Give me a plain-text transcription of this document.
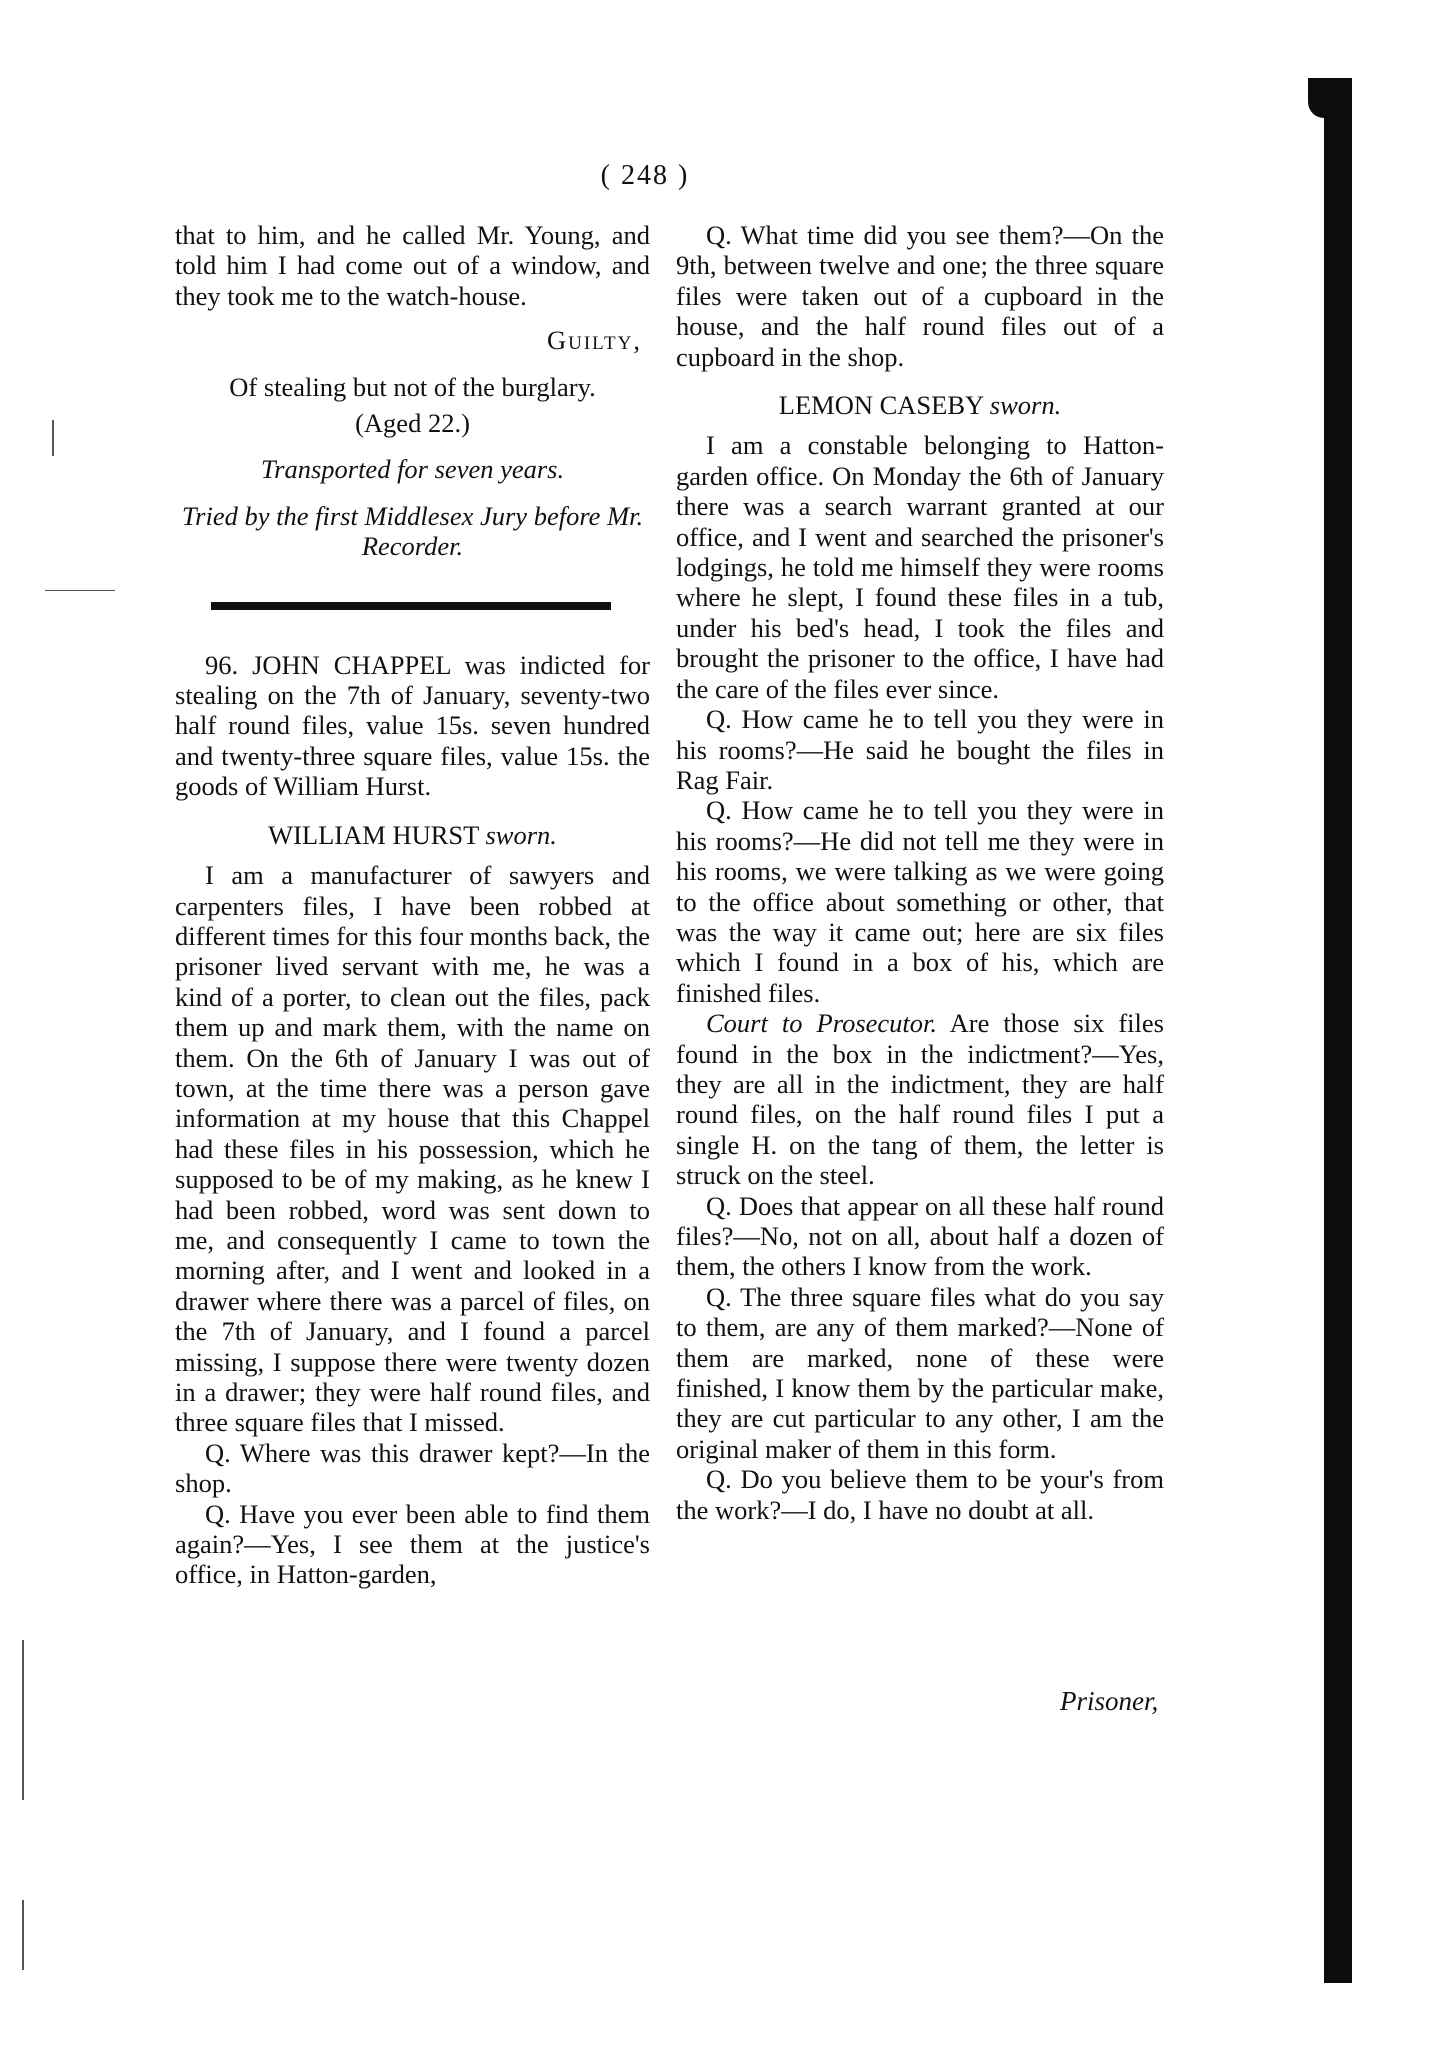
( 248 )

that to him, and he called Mr. Young, and told him I had come out of a window, and they took me to the watch-house.

Guilty,

Of stealing but not of the burglary.

(Aged 22.)

Transported for seven years.

Tried by the first Middlesex Jury before Mr. Recorder.

96. JOHN CHAPPEL was indicted for stealing on the 7th of January, seventy-two half round files, value 15s. seven hundred and twenty-three square files, value 15s. the goods of William Hurst.

WILLIAM HURST sworn.

I am a manufacturer of sawyers and carpenters files, I have been robbed at different times for this four months back, the prisoner lived servant with me, he was a kind of a porter, to clean out the files, pack them up and mark them, with the name on them. On the 6th of January I was out of town, at the time there was a person gave information at my house that this Chappel had these files in his possession, which he supposed to be of my making, as he knew I had been robbed, word was sent down to me, and consequently I came to town the morning after, and I went and looked in a drawer where there was a parcel of files, on the 7th of January, and I found a parcel missing, I suppose there were twenty dozen in a drawer; they were half round files, and three square files that I missed.

Q. Where was this drawer kept?—In the shop.

Q. Have you ever been able to find them again?—Yes, I see them at the justice's office, in Hatton-garden,

Q. What time did you see them?—On the 9th, between twelve and one; the three square files were taken out of a cupboard in the house, and the half round files out of a cupboard in the shop.

LEMON CASEBY sworn.

I am a constable belonging to Hatton-garden office. On Monday the 6th of January there was a search warrant granted at our office, and I went and searched the prisoner's lodgings, he told me himself they were rooms where he slept, I found these files in a tub, under his bed's head, I took the files and brought the prisoner to the office, I have had the care of the files ever since.

Q. How came he to tell you they were in his rooms?—He said he bought the files in Rag Fair.

Q. How came he to tell you they were in his rooms?—He did not tell me they were in his rooms, we were talking as we were going to the office about something or other, that was the way it came out; here are six files which I found in a box of his, which are finished files.

Court to Prosecutor. Are those six files found in the box in the indictment?—Yes, they are all in the indictment, they are half round files, on the half round files I put a single H. on the tang of them, the letter is struck on the steel.

Q. Does that appear on all these half round files?—No, not on all, about half a dozen of them, the others I know from the work.

Q. The three square files what do you say to them, are any of them marked?—None of them are marked, none of these were finished, I know them by the particular make, they are cut particular to any other, I am the original maker of them in this form.

Q. Do you believe them to be your's from the work?—I do, I have no doubt at all.

Prisoner,
